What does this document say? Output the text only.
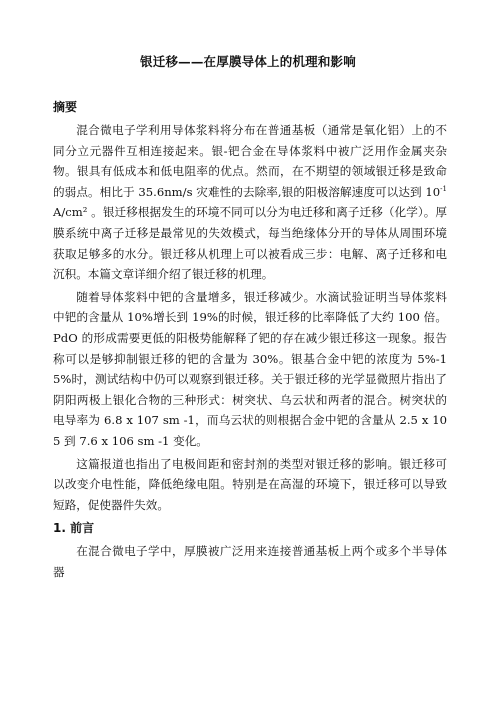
银迁移——在厚膜导体上的机理和影响
摘要

混合微电子学利用导体浆料将分布在普通基板（通常是氧化铝）上的不同分立元器件互相连接起来。银-钯合金在导体浆料中被广泛用作金属夹杂物。银具有低成本和低电阻率的优点。然而，在不期望的领域银迁移是致命的弱点。相比于 35.6nm/s 灾难性的去除率,银的阳极溶解速度可以达到 $10^{-1}$ A/cm² 。银迁移根据发生的环境不同可以分为电迁移和离子迁移（化学）。厚膜系统中离子迁移是最常见的失效模式，每当绝缘体分开的导体从周围环境获取足够多的水分。银迁移从机理上可以被看成三步：电解、离子迁移和电沉积。本篇文章详细介绍了银迁移的机理。

随着导体浆料中钯的含量增多，银迁移减少。水滴试验证明当导体浆料中钯的含量从 10%增长到 19%的时候，银迁移的比率降低了大约 100 倍。PdO 的形成需要更低的阳极势能解释了钯的存在减少银迁移这一现象。报告称可以是够抑制银迁移的钯的含量为 30%。银基合金中钯的浓度为 5%-15%时，测试结构中仍可以观察到银迁移。关于银迁移的光学显微照片指出了阴阳两极上银化合物的三种形式：树突状、乌云状和两者的混合。树突状的电导率为 6.8 x 107 sm -1，而乌云状的则根据合金中钯的含量从 2.5 x 105 到 7.6 x 106 sm -1 变化。

这篇报道也指出了电极间距和密封剂的类型对银迁移的影响。银迁移可以改变介电性能，降低绝缘电阻。特别是在高湿的环境下，银迁移可以导致短路，促使器件失效。

1. 前言

在混合微电子学中，厚膜被广泛用来连接普通基板上两个或多个半导体器
